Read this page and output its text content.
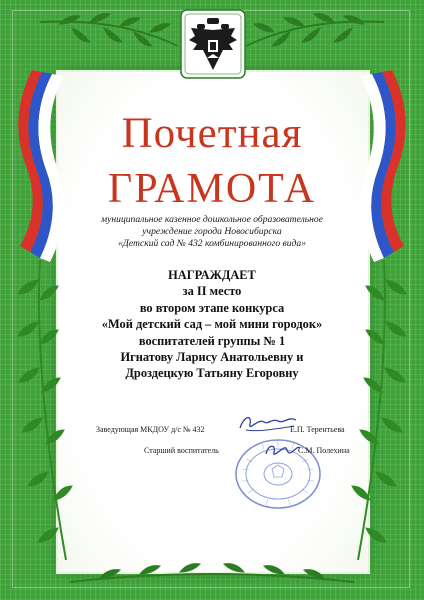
Почетная
ГРАМОТА
муниципальное казенное дошкольное образовательное
учреждение города Новосибирска
«Детский сад № 432 комбинированного вида»
НАГРАЖДАЕТ
за II место
во втором этапе конкурса
«Мой детский сад – мой мини городок»
воспитателей группы № 1
Игнатову Ларису Анатольевну и
Дроздецкую Татьяну Егоровну
Заведующая МКДОУ д/с № 432	Е.П. Терентьева
Старший воспитатель	С.М. Полехина
